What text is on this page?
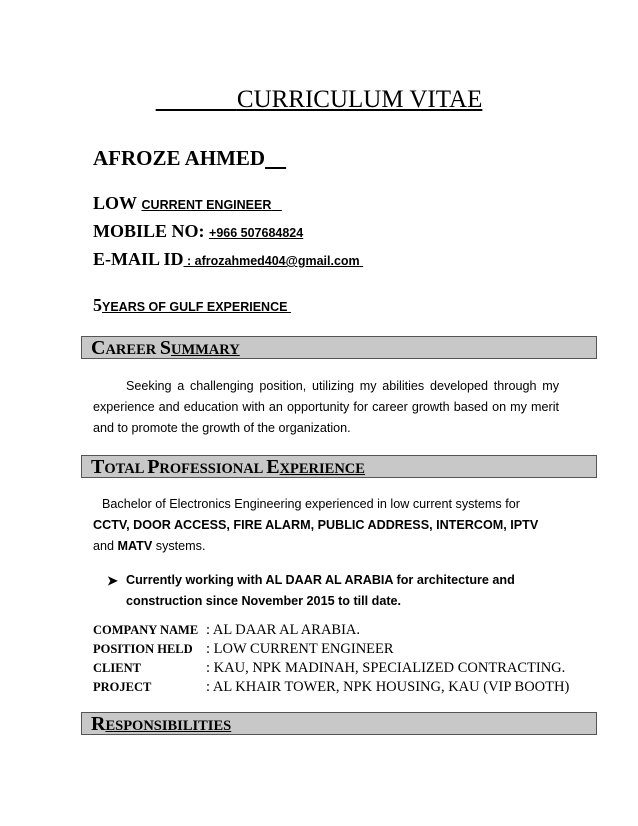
CURRICULUM VITAE
AFROZE AHMED
LOW CURRENT ENGINEER
MOBILE NO: +966 507684824
E-MAIL ID : afrozahmed404@gmail.com
5YEARS OF GULF EXPERIENCE
CAREER SUMMARY
Seeking a challenging position, utilizing my abilities developed through my experience and education with an opportunity for career growth based on my merit and to promote the growth of the organization.
TOTAL PROFESSIONAL EXPERIENCE
Bachelor of Electronics Engineering experienced in low current systems for CCTV, DOOR ACCESS, FIRE ALARM, PUBLIC ADDRESS, INTERCOM, IPTV and MATV systems.
➤ Currently working with AL DAAR AL ARABIA for architecture and
construction since November 2015 to till date.
COMPANY NAME : AL DAAR AL ARABIA.
POSITION HELD : LOW CURRENT ENGINEER
CLIENT	: KAU, NPK MADINAH, SPECIALIZED CONTRACTING.
PROJECT	: AL KHAIR TOWER, NPK HOUSING, KAU (VIP BOOTH)
RESPONSIBILITIES
